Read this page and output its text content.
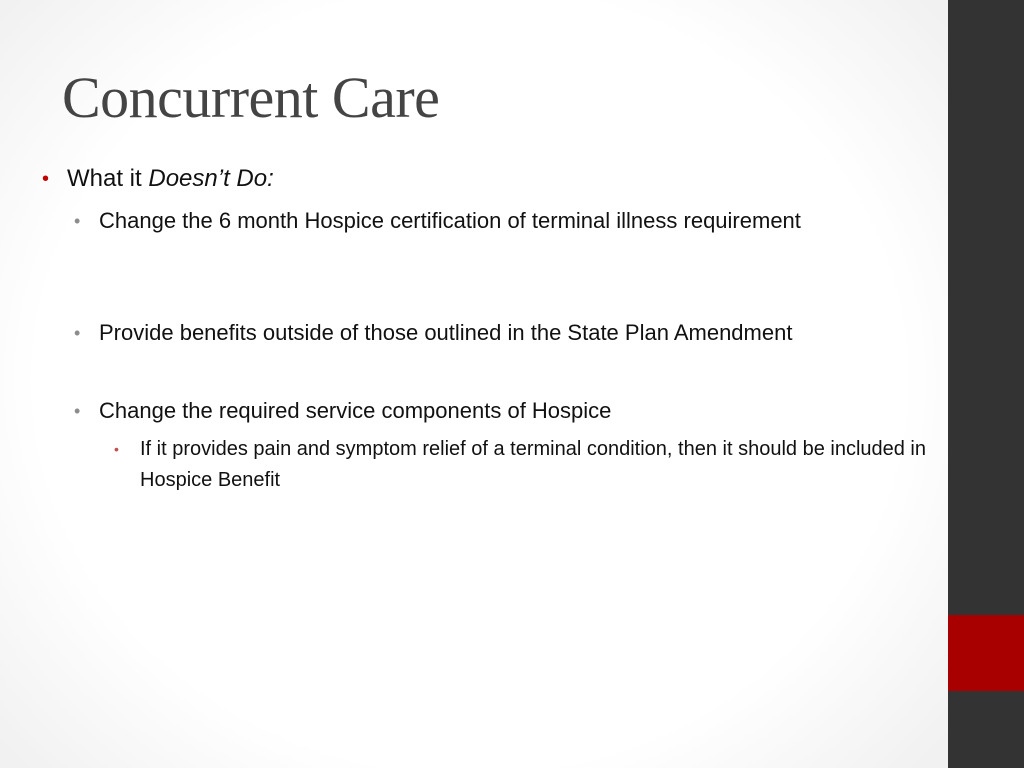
Concurrent Care
• What it Doesn’t Do:
• Change the 6 month Hospice certification of terminal illness requirement
• Provide benefits outside of those outlined in the State Plan Amendment
• Change the required service components of Hospice
•	If it provides pain and symptom relief of a terminal condition, then it should be included in Hospice Benefit
